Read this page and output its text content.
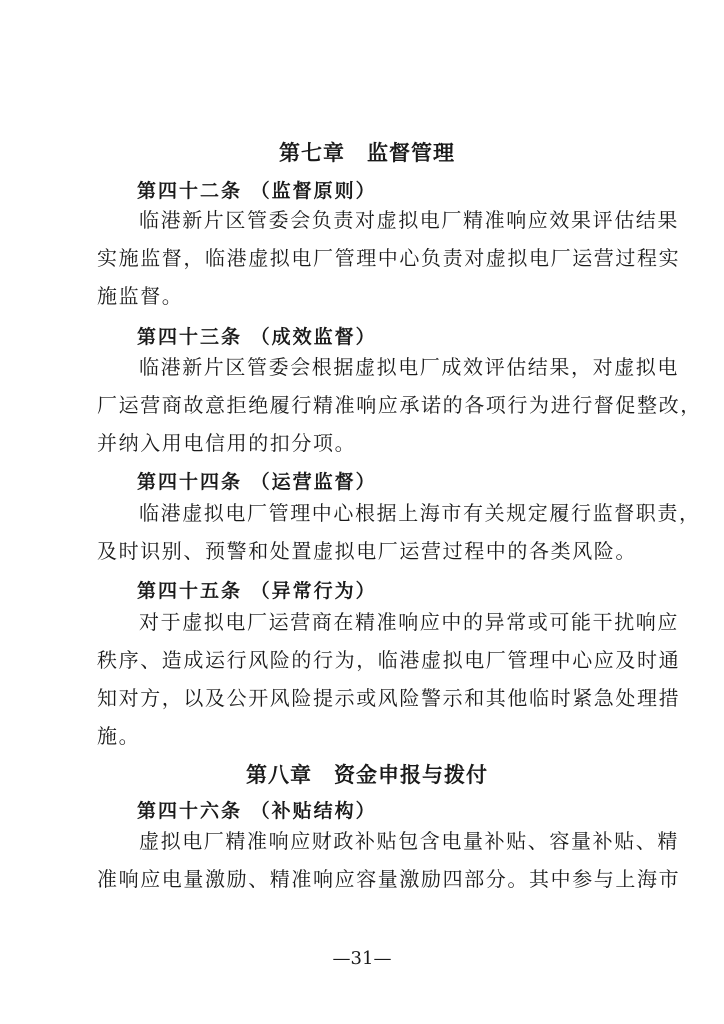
第七章　监督管理
第四十二条 （监督原则）
临港新片区管委会负责对虚拟电厂精准响应效果评估结果
实施监督，临港虚拟电厂管理中心负责对虚拟电厂运营过程实
施监督。
第四十三条 （成效监督）
临港新片区管委会根据虚拟电厂成效评估结果，对虚拟电
厂运营商故意拒绝履行精准响应承诺的各项行为进行督促整改，
并纳入用电信用的扣分项。
第四十四条 （运营监督）
临港虚拟电厂管理中心根据上海市有关规定履行监督职责，
及时识别、预警和处置虚拟电厂运营过程中的各类风险。
第四十五条 （异常行为）
对于虚拟电厂运营商在精准响应中的异常或可能干扰响应
秩序、造成运行风险的行为，临港虚拟电厂管理中心应及时通
知对方，以及公开风险提示或风险警示和其他临时紧急处理措
施。
第八章　资金申报与拨付
第四十六条 （补贴结构）
虚拟电厂精准响应财政补贴包含电量补贴、容量补贴、精
准响应电量激励、精准响应容量激励四部分。其中参与上海市
—31—
